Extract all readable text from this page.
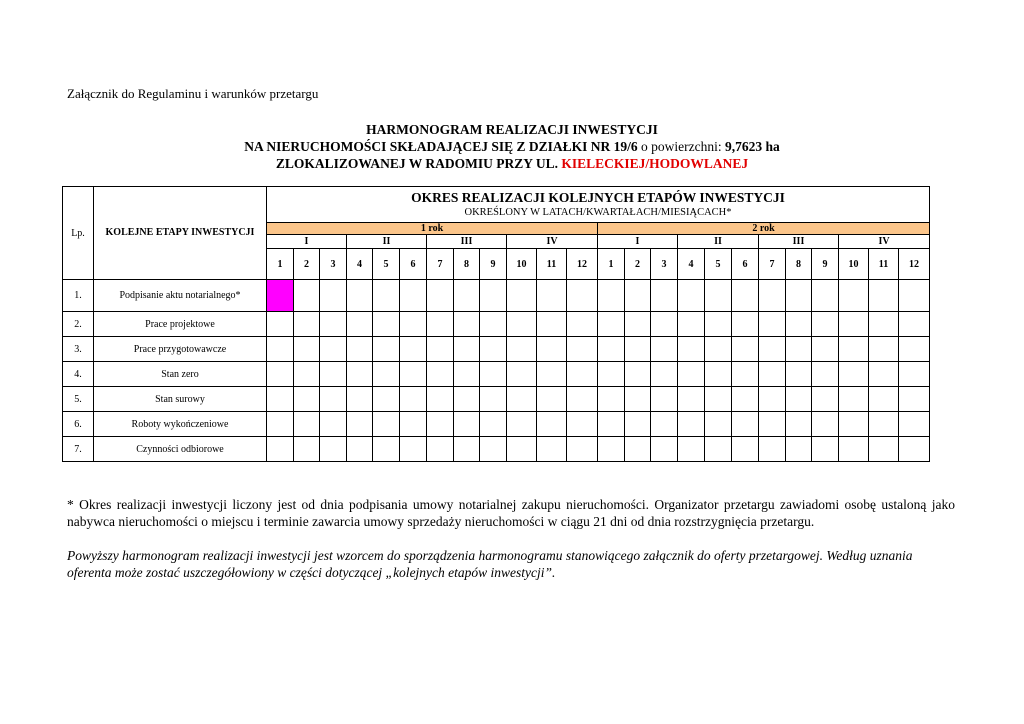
Załącznik do Regulaminu i warunków przetargu
HARMONOGRAM REALIZACJI INWESTYCJI
NA NIERUCHOMOŚCI SKŁADAJĄCEJ SIĘ Z DZIAŁKI NR 19/6 o powierzchni: 9,7623 ha
ZLOKALIZOWANEJ W RADOMIU PRZY UL. KIELECKIEJ/HODOWLANEJ
Lp.	KOLEJNE ETAPY INWESTYCJI	OKRES REALIZACJI KOLEJNYCH ETAPÓW INWESTYCJI
OKREŚLONY W LATACH/KWARTAŁACH/MIESIĄCACH*																							

		1 rok												2 rok											
		I			II			III			IV			I			II			III			IV		
		1	2	3	4	5	6	7	8	9	10	11	12	1	2	3	4	5	6	7	8	9	10	11	12
1.	Podpisanie aktu notarialnego*																								
2.	Prace projektowe																								
3.	Prace przygotowawcze																								
4.	Stan zero																								
5.	Stan surowy																								
6.	Roboty wykończeniowe																								
7.	Czynności odbiorowe																								
* Okres realizacji inwestycji liczony jest od dnia podpisania umowy notarialnej zakupu nieruchomości. Organizator przetargu zawiadomi osobę ustaloną jako nabywca nieruchomości o miejscu i terminie zawarcia umowy sprzedaży nieruchomości w ciągu 21 dni od dnia rozstrzygnięcia przetargu.
Powyższy harmonogram realizacji inwestycji jest wzorcem do sporządzenia harmonogramu stanowiącego załącznik do oferty przetargowej. Według uznania oferenta może zostać uszczegółowiony w części dotyczącej „kolejnych etapów inwestycji”.
